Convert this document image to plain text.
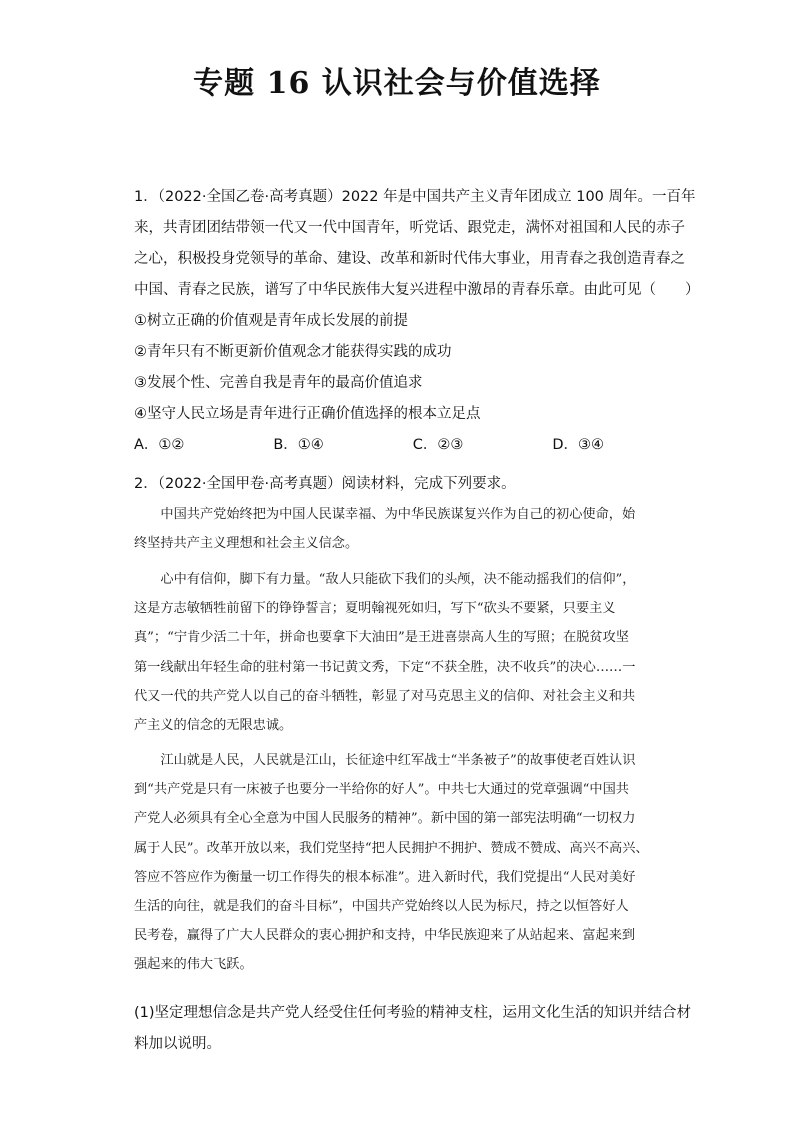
专题 16 认识社会与价值选择
1．（2022·全国乙卷·高考真题）2022 年是中国共产主义青年团成立 100 周年。一百年
来，共青团团结带领一代又一代中国青年，听党话、跟党走，满怀对祖国和人民的赤子
之心，积极投身党领导的革命、建设、改革和新时代伟大事业，用青春之我创造青春之
中国、青春之民族，谱写了中华民族伟大复兴进程中激昂的青春乐章。由此可见（　　）
①树立正确的价值观是青年成长发展的前提
②青年只有不断更新价值观念才能获得实践的成功
③发展个性、完善自我是青年的最高价值追求
④坚守人民立场是青年进行正确价值选择的根本立足点
A．①②	B．①④	C．②③	D．③④
2．（2022·全国甲卷·高考真题）阅读材料，完成下列要求。
中国共产党始终把为中国人民谋幸福、为中华民族谋复兴作为自己的初心使命，始
终坚持共产主义理想和社会主义信念。
心中有信仰，脚下有力量。“敌人只能砍下我们的头颅，决不能动摇我们的信仰”，
这是方志敏牺牲前留下的铮铮誓言；夏明翰视死如归，写下“砍头不要紧，只要主义
真”；“宁肯少活二十年，拼命也要拿下大油田”是王进喜崇高人生的写照；在脱贫攻坚
第一线献出年轻生命的驻村第一书记黄文秀，下定“不获全胜，决不收兵”的决心……一
代又一代的共产党人以自己的奋斗牺牲，彰显了对马克思主义的信仰、对社会主义和共
产主义的信念的无限忠诚。
江山就是人民，人民就是江山，长征途中红军战士“半条被子”的故事使老百姓认识
到“共产党是只有一床被子也要分一半给你的好人”。中共七大通过的党章强调“中国共
产党人必须具有全心全意为中国人民服务的精神”。新中国的第一部宪法明确“一切权力
属于人民”。改革开放以来，我们党坚持“把人民拥护不拥护、赞成不赞成、高兴不高兴、
答应不答应作为衡量一切工作得失的根本标准”。进入新时代，我们党提出“人民对美好
生活的向往，就是我们的奋斗目标”，中国共产党始终以人民为标尺，持之以恒答好人
民考卷，赢得了广大人民群众的衷心拥护和支持，中华民族迎来了从站起来、富起来到
强起来的伟大飞跃。
(1)坚定理想信念是共产党人经受住任何考验的精神支柱，运用文化生活的知识并结合材
料加以说明。
